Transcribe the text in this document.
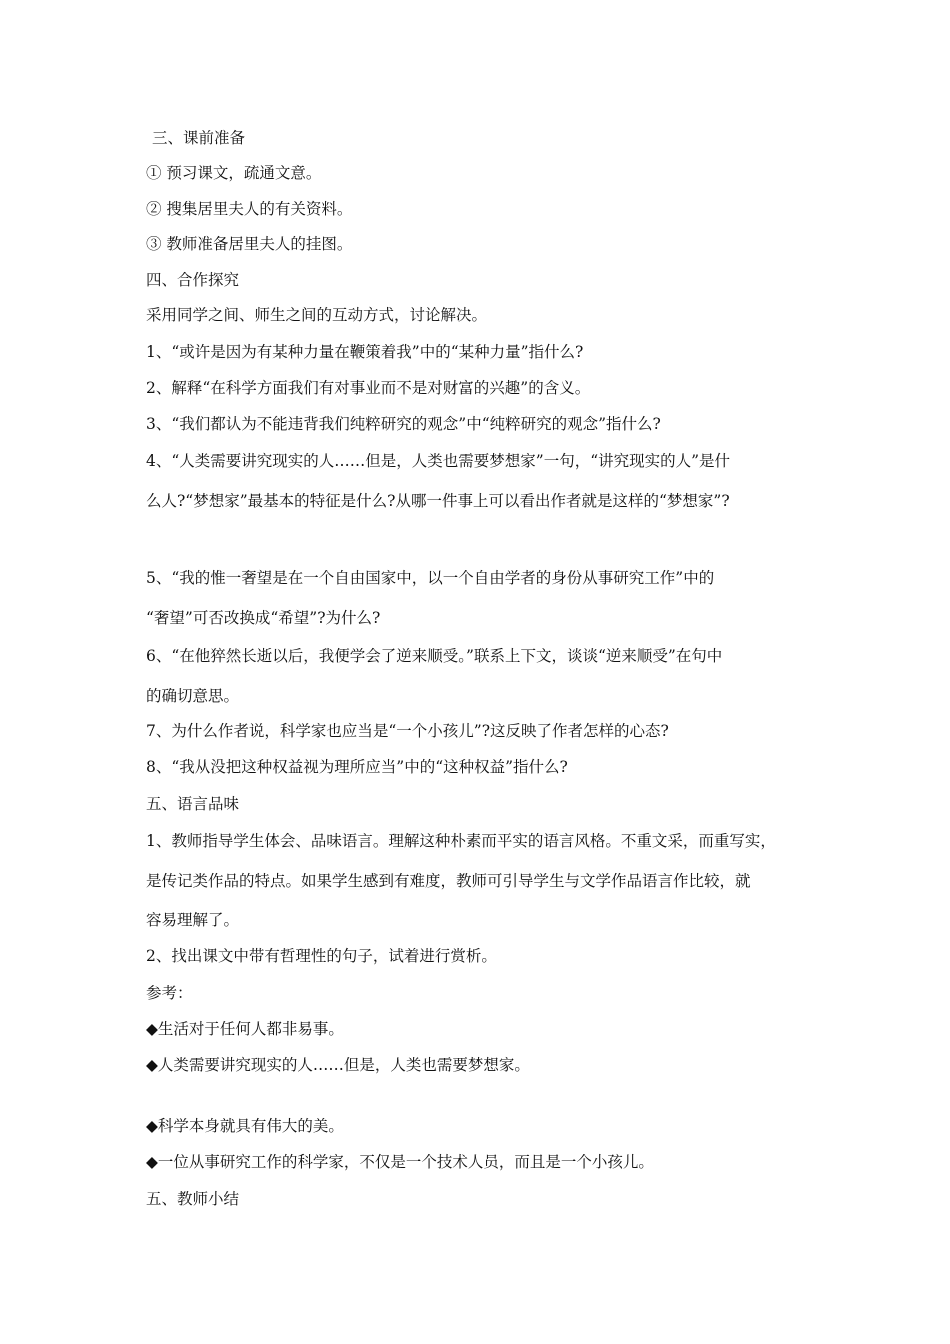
三、课前准备
① 预习课文，疏通文意。
② 搜集居里夫人的有关资料。
③ 教师准备居里夫人的挂图。
四、合作探究
采用同学之间、师生之间的互动方式，讨论解决。
1、“或许是因为有某种力量在鞭策着我”中的“某种力量”指什么?
2、解释“在科学方面我们有对事业而不是对财富的兴趣”的含义。
3、“我们都认为不能违背我们纯粹研究的观念”中“纯粹研究的观念”指什么?
4、“人类需要讲究现实的人……但是，人类也需要梦想家”一句，“讲究现实的人”是什
么人?“梦想家”最基本的特征是什么?从哪一件事上可以看出作者就是这样的“梦想家”?
5、“我的惟一奢望是在一个自由国家中，以一个自由学者的身份从事研究工作”中的
“奢望”可否改换成“希望”?为什么?
6、“在他猝然长逝以后，我便学会了逆来顺受。”联系上下文，谈谈“逆来顺受”在句中
的确切意思。
7、为什么作者说，科学家也应当是“一个小孩儿”?这反映了作者怎样的心态?
8、“我从没把这种权益视为理所应当”中的“这种权益”指什么?
五、语言品味
1、教师指导学生体会、品味语言。理解这种朴素而平实的语言风格。不重文采，而重写实，
是传记类作品的特点。如果学生感到有难度，教师可引导学生与文学作品语言作比较，就
容易理解了。
2、找出课文中带有哲理性的句子，试着进行赏析。
参考：
◆生活对于任何人都非易事。
◆人类需要讲究现实的人……但是，人类也需要梦想家。
◆科学本身就具有伟大的美。
◆一位从事研究工作的科学家，不仅是一个技术人员，而且是一个小孩儿。
五、教师小结
